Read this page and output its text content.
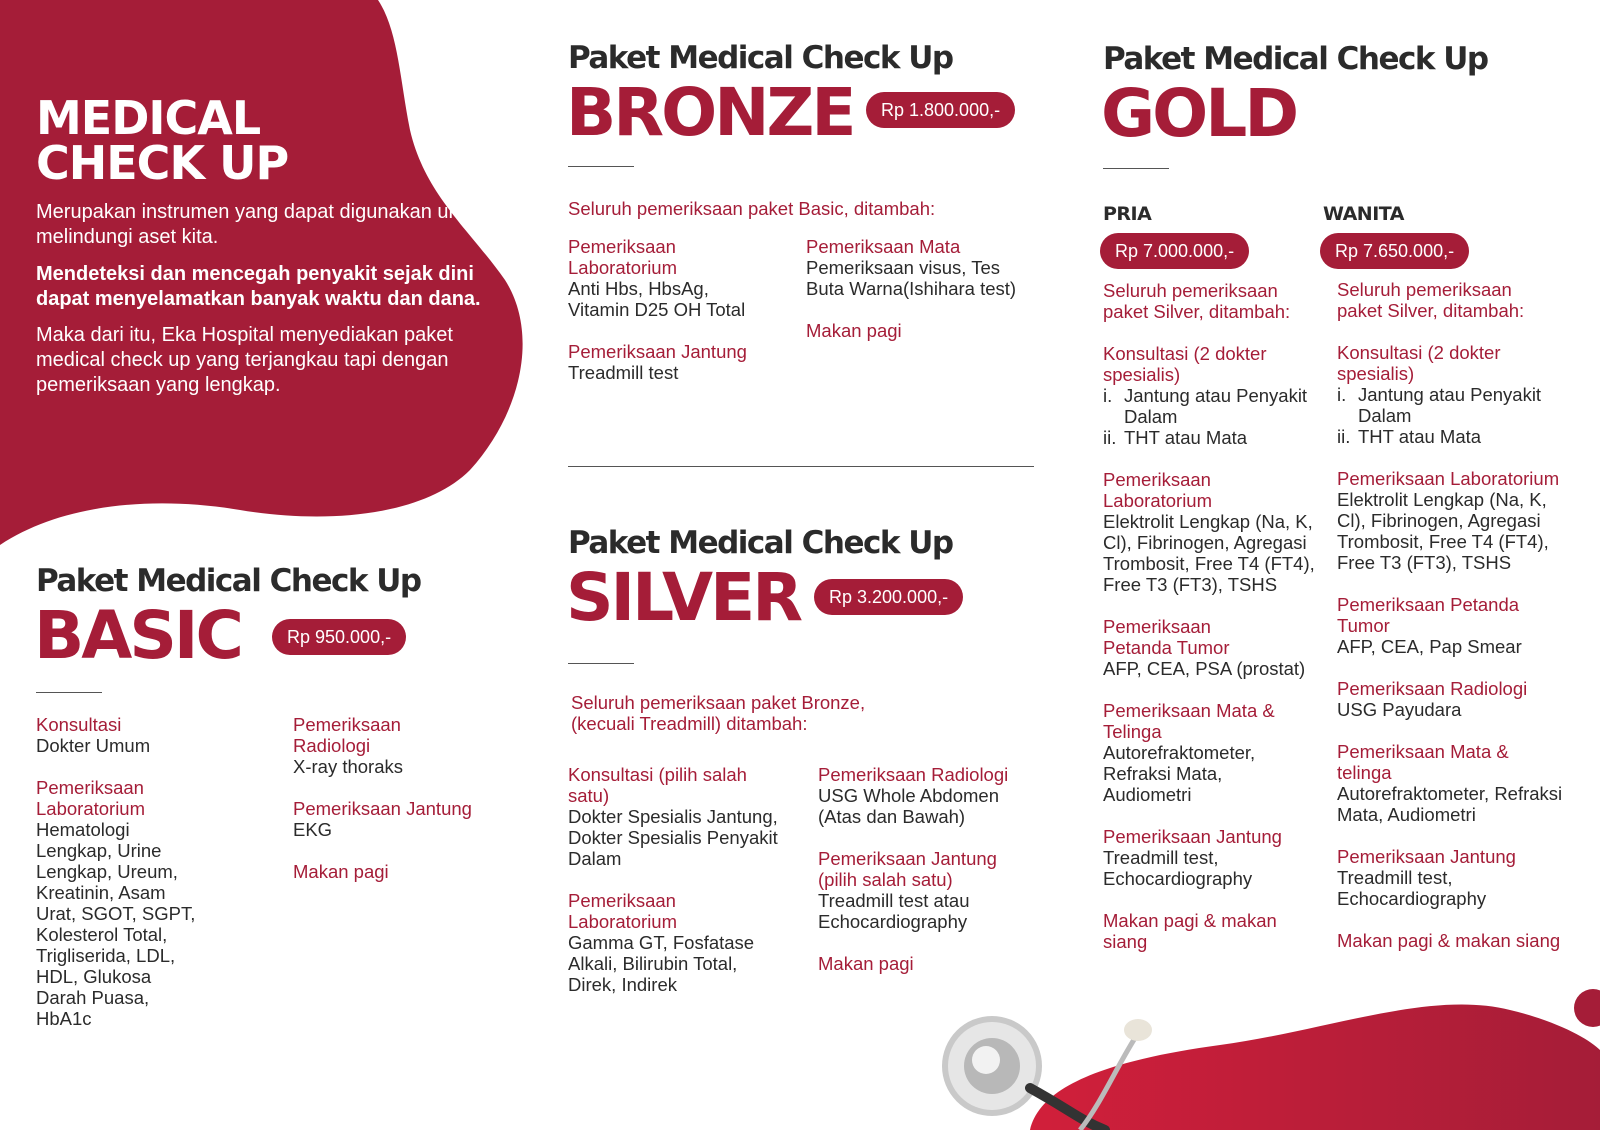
MEDICAL
CHECK UP
Merupakan instrumen yang dapat digunakan untuk melindungi aset kita.
Mendeteksi dan mencegah penyakit sejak dini dapat menyelamatkan banyak waktu dan dana.
Maka dari itu, Eka Hospital menyediakan paket medical check up yang terjangkau tapi dengan pemeriksaan yang lengkap.
Paket Medical Check Up
BASIC	Rp 950.000,-
Konsultasi
Dokter Umum
Pemeriksaan Laboratorium
Hematologi Lengkap, Urine Lengkap, Ureum, Kreatinin, Asam Urat, SGOT, SGPT, Kolesterol Total, Trigliserida, LDL, HDL, Glukosa Darah Puasa, HbA1c
Pemeriksaan Radiologi
X-ray thoraks
Pemeriksaan Jantung
EKG
Makan pagi
Paket Medical Check Up
BRONZE	Rp 1.800.000,-
Seluruh pemeriksaan paket Basic, ditambah:
Pemeriksaan Laboratorium
Anti Hbs, HbsAg, Vitamin D25 OH Total
Pemeriksaan Jantung
Treadmill test
Pemeriksaan Mata
Pemeriksaan visus, Tes Buta Warna(Ishihara test)
Makan pagi
Paket Medical Check Up
SILVER	Rp 3.200.000,-
Seluruh pemeriksaan paket Bronze, (kecuali Treadmill) ditambah:
Konsultasi (pilih salah satu)
Dokter Spesialis Jantung, Dokter Spesialis Penyakit Dalam
Pemeriksaan Laboratorium
Gamma GT, Fosfatase Alkali, Bilirubin Total, Direk, Indirek
Pemeriksaan Radiologi
USG Whole Abdomen (Atas dan Bawah)
Pemeriksaan Jantung (pilih salah satu)
Treadmill test atau Echocardiography
Makan pagi
Paket Medical Check Up
GOLD
PRIA
Rp 7.000.000,-
Seluruh pemeriksaan paket Silver, ditambah:
Konsultasi (2 dokter spesialis)
i. Jantung atau Penyakit Dalam
ii. THT atau Mata
Pemeriksaan Laboratorium
Elektrolit Lengkap (Na, K, Cl), Fibrinogen, Agregasi Trombosit, Free T4 (FT4), Free T3 (FT3), TSHS
Pemeriksaan Petanda Tumor
AFP, CEA, PSA (prostat)
Pemeriksaan Mata & Telinga
Autorefraktometer, Refraksi Mata, Audiometri
Pemeriksaan Jantung
Treadmill test, Echocardiography
Makan pagi & makan siang
WANITA
Rp 7.650.000,-
Seluruh pemeriksaan paket Silver, ditambah:
Konsultasi (2 dokter spesialis)
i. Jantung atau Penyakit Dalam
ii. THT atau Mata
Pemeriksaan Laboratorium
Elektrolit Lengkap (Na, K, Cl), Fibrinogen, Agregasi Trombosit, Free T4 (FT4), Free T3 (FT3), TSHS
Pemeriksaan Petanda Tumor
AFP, CEA, Pap Smear
Pemeriksaan Radiologi
USG Payudara
Pemeriksaan Mata & telinga
Autorefraktometer, Refraksi Mata, Audiometri
Pemeriksaan Jantung
Treadmill test, Echocardiography
Makan pagi & makan siang
